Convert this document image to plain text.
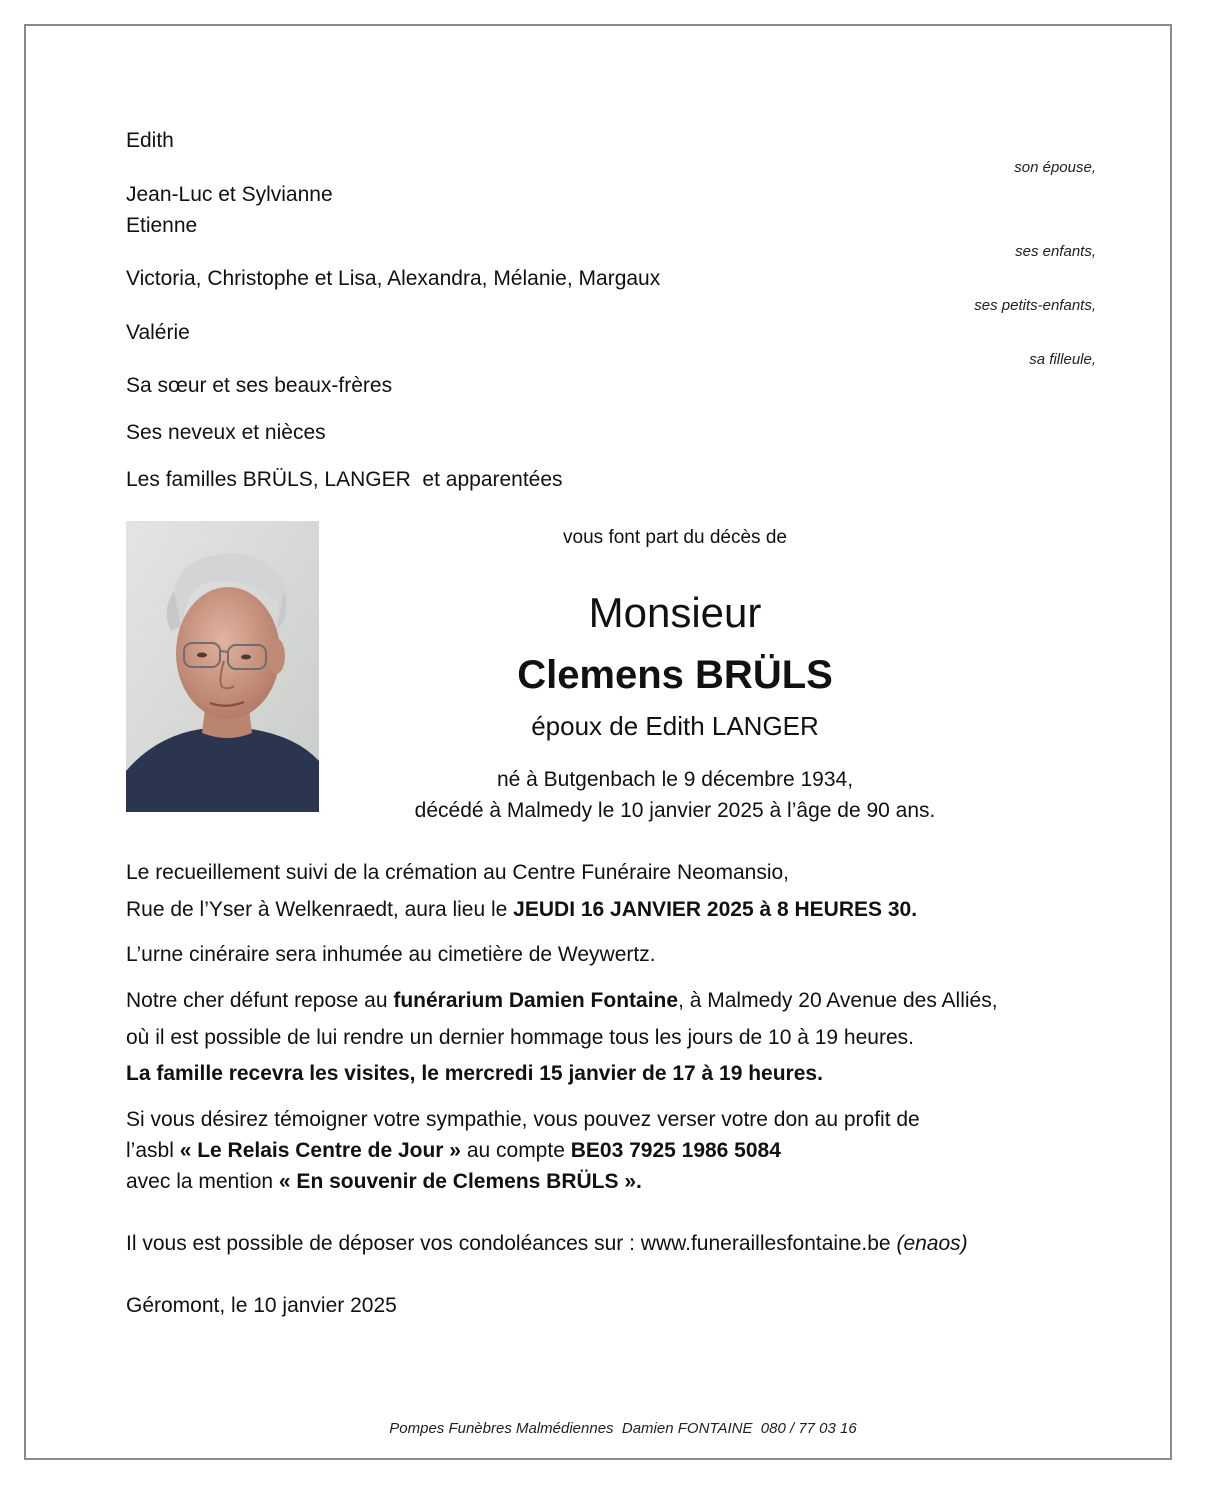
Edith
son épouse,
Jean-Luc et Sylvianne
Etienne
ses enfants,
Victoria, Christophe et Lisa, Alexandra, Mélanie, Margaux
ses petits-enfants,
Valérie
sa filleule,
Sa sœur et ses beaux-frères
Ses neveux et nièces
Les familles BRÜLS, LANGER  et apparentées
vous font part du décès de
Monsieur
Clemens BRÜLS
époux de Edith LANGER
né à Butgenbach le 9 décembre 1934,
décédé à Malmedy le 10 janvier 2025 à l’âge de 90 ans.
Le recueillement suivi de la crémation au Centre Funéraire Neomansio,
Rue de l’Yser à Welkenraedt, aura lieu le JEUDI 16 JANVIER 2025 à 8 HEURES 30.
L’urne cinéraire sera inhumée au cimetière de Weywertz.
Notre cher défunt repose au funérarium Damien Fontaine, à Malmedy 20 Avenue des Alliés,
où il est possible de lui rendre un dernier hommage tous les jours de 10 à 19 heures.
La famille recevra les visites, le mercredi 15 janvier de 17 à 19 heures.
Si vous désirez témoigner votre sympathie, vous pouvez verser votre don au profit de
l’asbl « Le Relais Centre de Jour » au compte BE03 7925 1986 5084
avec la mention « En souvenir de Clemens BRÜLS ».
Il vous est possible de déposer vos condoléances sur : www.funeraillesfontaine.be (enaos)
Géromont, le 10 janvier 2025
Pompes Funèbres Malmédiennes  Damien FONTAINE  080 / 77 03 16
